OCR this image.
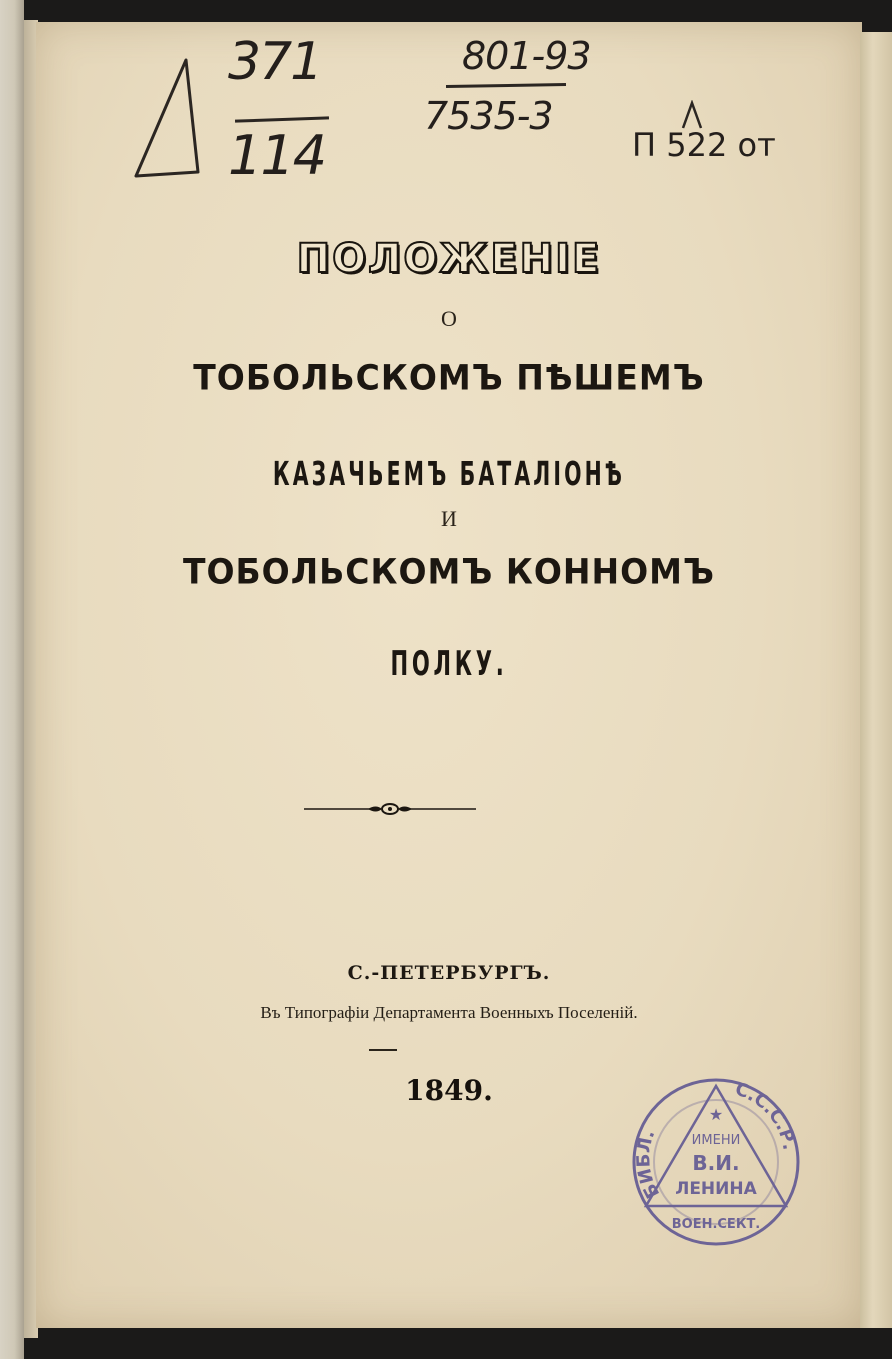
371
114
801-93
7535-3
П 522 от
ПОЛОЖЕНІЕ
О
ТОБОЛЬСКОМЪ ПѢШЕМЪ
КАЗАЧЬЕМЪ БАТАЛІОНѢ
И
ТОБОЛЬСКОМЪ КОННОМЪ
ПОЛКУ.
С.-ПЕТЕРБУРГЪ.
Въ Типографіи Департамента Военныхъ Поселеній.
1849.
БИБЛ.
С.С.С.Р.
★
ИМЕНИ
В.И.
ЛЕНИНА
ВОЕН.СЕКТ.
